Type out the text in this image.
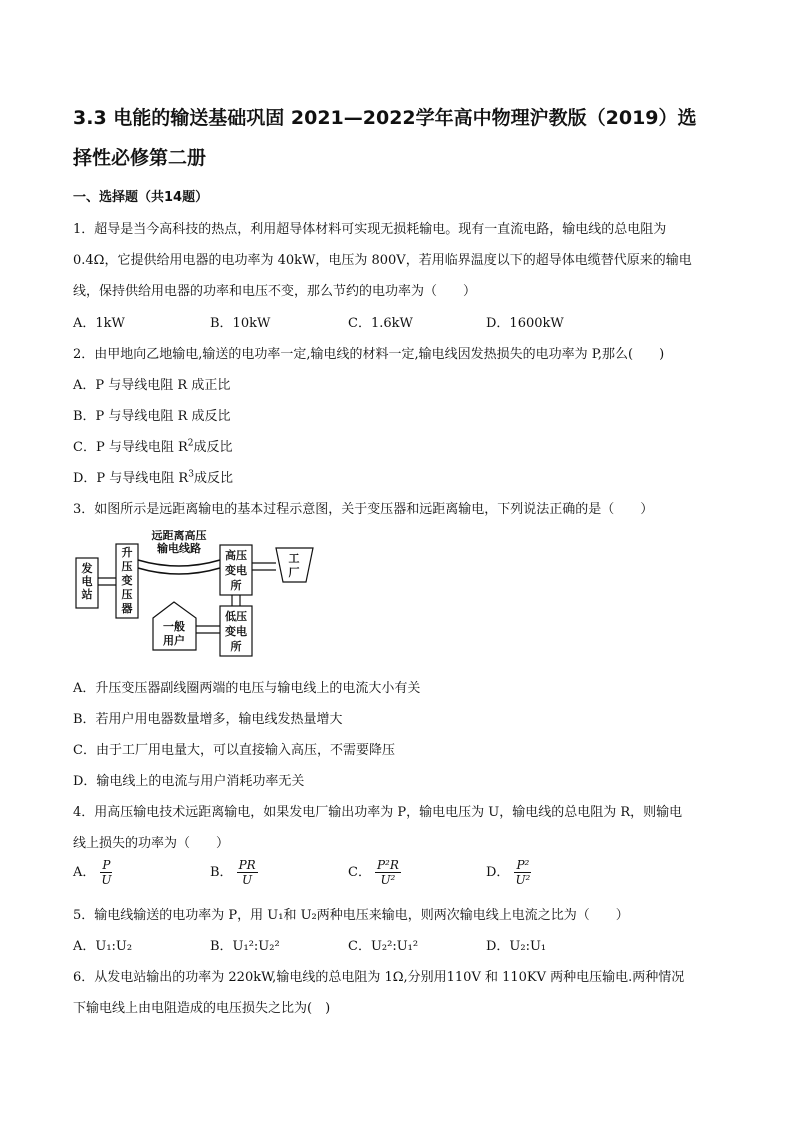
3.3 电能的输送基础巩固 2021—2022学年高中物理沪教版（2019）选
择性必修第二册
一、选择题（共14题）
1．超导是当今高科技的热点，利用超导体材料可实现无损耗输电。现有一直流电路，输电线的总电阻为
0.4Ω，它提供给用电器的电功率为 40kW，电压为 800V，若用临界温度以下的超导体电缆替代原来的输电
线，保持供给用电器的功率和电压不变，那么节约的电功率为（　　）
A．1kW	B．10kW	C．1.6kW	D．1600kW
2．由甲地向乙地输电,输送的电功率一定,输电线的材料一定,输电线因发热损失的电功率为 P,那么(　　)
A．P 与导线电阻 R 成正比
B．P 与导线电阻 R 成反比
C．P 与导线电阻 $R^2$成反比
D．P 与导线电阻 $R^3$成反比
3．如图所示是远距离输电的基本过程示意图，关于变压器和远距离输电，下列说法正确的是（　　）
发
电
站
升
压
变
压
器
远距离高压
输电线路
高压
变电
所
工
厂
低压
变电
所
一般
用户
A．升压变压器副线圈两端的电压与输电线上的电流大小有关
B．若用户用电器数量增多，输电线发热量增大
C．由于工厂用电量大，可以直接输入高压，不需要降压
D．输电线上的电流与用户消耗功率无关
4．用高压输电技术远距离输电，如果发电厂输出功率为 P，输电电压为 U，输电线的总电阻为 R，则输电
线上损失的功率为（　　）
A． $\frac{P}{U}$	B． $\frac{PR}{U}$	C． $\frac{\text{P²R}}{\text{U²}}$	D． $\frac{\text{P²}}{\text{U²}}$
5．输电线输送的电功率为 P，用 U₁和 U₂两种电压来输电，则两次输电线上电流之比为（　　）
A．U₁:U₂	B．U₁²:U₂²	C．U₂²:U₁²	D．U₂:U₁
6．从发电站输出的功率为 220kW,输电线的总电阻为 1Ω,分别用110V 和 110KV 两种电压输电.两种情况
下输电线上由电阻造成的电压损失之比为(　)
